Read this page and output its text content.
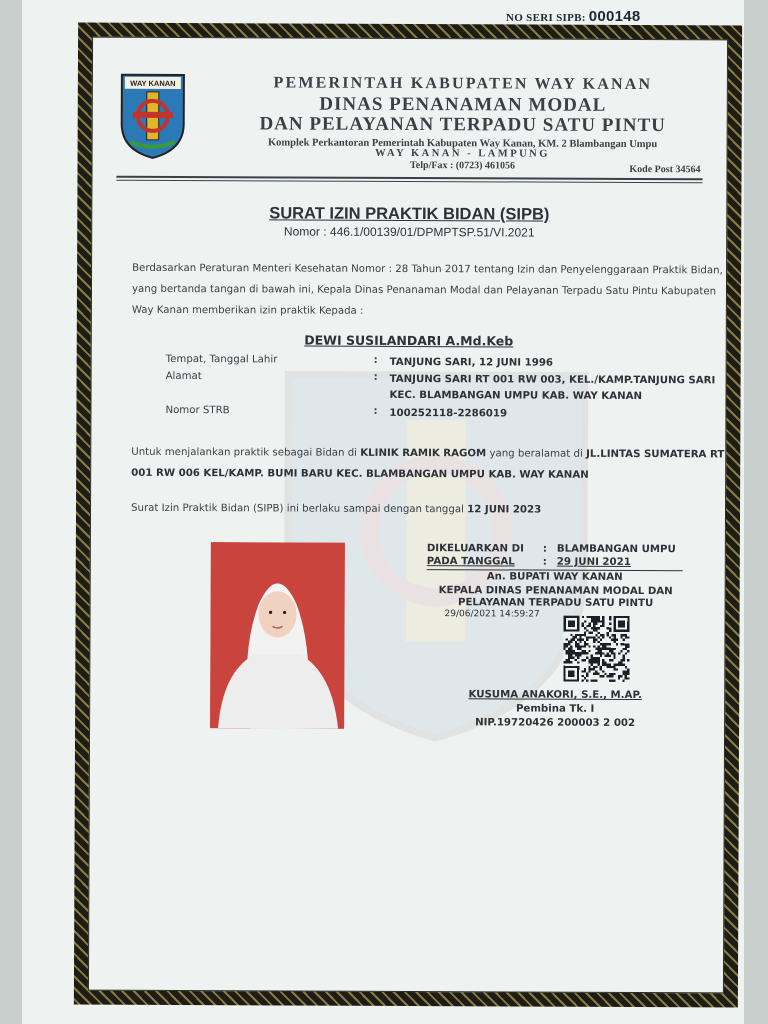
NO SERI SIPB: 000148
WAY KANAN	PEMERINTAH KABUPATEN WAY KANAN
DINAS PENANAMAN MODAL
DAN PELAYANAN TERPADU SATU PINTU
Komplek Perkantoran Pemerintah Kabupaten Way Kanan, KM. 2 Blambangan Umpu
WAY KANAN - LAMPUNG
Telp/Fax : (0723) 461056	Kode Post 34564
SURAT IZIN PRAKTIK BIDAN (SIPB)
Nomor : 446.1/00139/01/DPMPTSP.51/VI.2021
Berdasarkan Peraturan Menteri Kesehatan Nomor : 28 Tahun 2017 tentang Izin dan Penyelenggaraan Praktik Bidan, yang bertanda tangan di bawah ini, Kepala Dinas Penanaman Modal dan Pelayanan Terpadu Satu Pintu Kabupaten Way Kanan memberikan izin praktik Kepada :
DEWI SUSILANDARI A.Md.Keb
Tempat, Tanggal Lahir	: TANJUNG SARI, 12 JUNI 1996
Alamat	: TANJUNG SARI RT 001 RW 003, KEL./KAMP.TANJUNG SARI KEC. BLAMBANGAN UMPU KAB. WAY KANAN
Nomor STRB	: 100252118-2286019
Untuk menjalankan praktik sebagai Bidan di KLINIK RAMIK RAGOM yang beralamat di JL.LINTAS SUMATERA RT 001 RW 006 KEL/KAMP. BUMI BARU KEC. BLAMBANGAN UMPU KAB. WAY KANAN
Surat Izin Praktik Bidan (SIPB) ini berlaku sampai dengan tanggal 12 JUNI 2023
DIKELUARKAN DI : BLAMBANGAN UMPU
PADA TANGGAL	: 29 JUNI 2021
An. BUPATI WAY KANAN
KEPALA DINAS PENANAMAN MODAL DAN
PELAYANAN TERPADU SATU PINTU
29/06/2021 14:59:27
KUSUMA ANAKORI, S.E., M.AP.
Pembina Tk. I
NIP.19720426 200003 2 002
